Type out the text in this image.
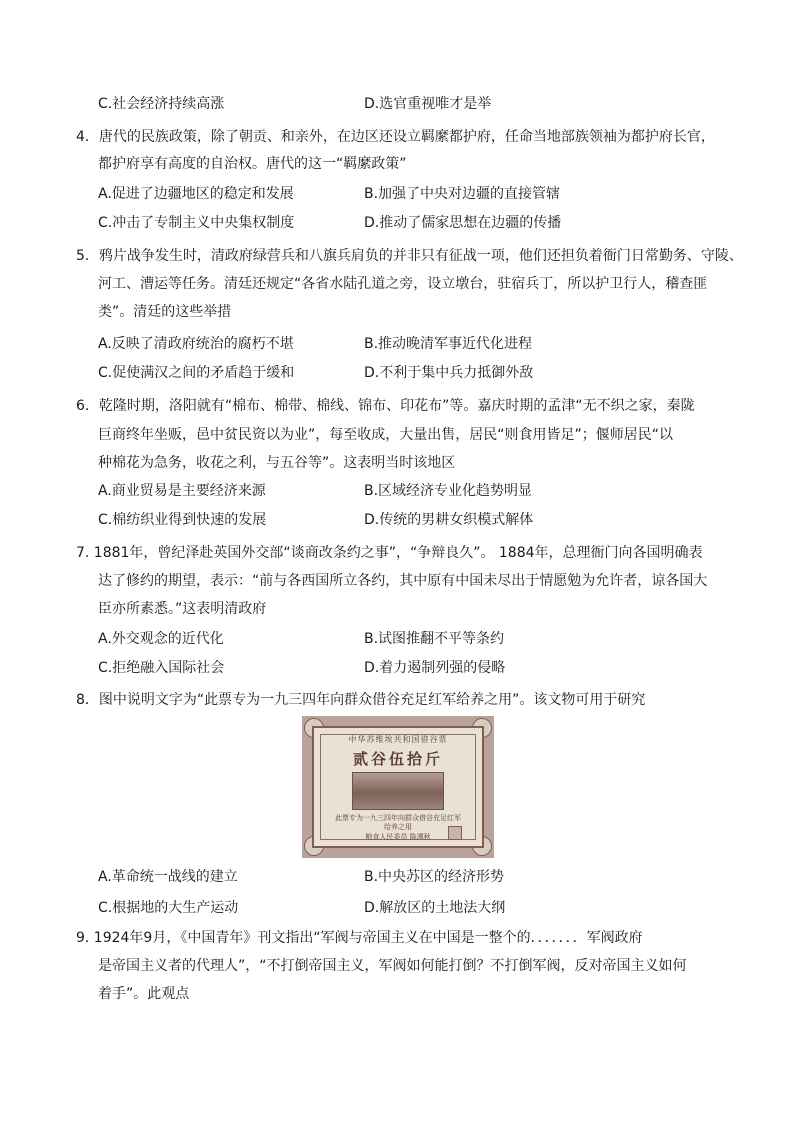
C.社会经济持续高涨	D.选官重视唯才是举
4．唐代的民族政策，除了朝贡、和亲外，在边区还设立羁縻都护府，任命当地部族领袖为都护府长官，
都护府享有高度的自治权。唐代的这一“羁縻政策”
A.促进了边疆地区的稳定和发展	B.加强了中央对边疆的直接管辖
C.冲击了专制主义中央集权制度	D.推动了儒家思想在边疆的传播
5．鸦片战争发生时，清政府绿营兵和八旗兵肩负的并非只有征战一项，他们还担负着衙门日常勤务、守陵、
河工、漕运等任务。清廷还规定“各省水陆孔道之旁，设立墩台，驻宿兵丁，所以护卫行人，稽查匪
类”。清廷的这些举措
A.反映了清政府统治的腐朽不堪	B.推动晚清军事近代化进程
C.促使满汉之间的矛盾趋于缓和	D.不利于集中兵力抵御外敌
6．乾隆时期，洛阳就有“棉布、棉带、棉线、锦布、印花布”等。嘉庆时期的孟津“无不织之家，秦陇
巨商终年坐贩，邑中贫民资以为业”，每至收成，大量出售，居民“则食用皆足”；偃师居民“以
种棉花为急务，收花之利，与五谷等”。这表明当时该地区
A.商业贸易是主要经济来源	B.区域经济专业化趋势明显
C.棉纺织业得到快速的发展	D.传统的男耕女织模式解体
7. 1881年，曾纪泽赴英国外交部“谈商改条约之事”，“争辩良久”。 1884年，总理衙门向各国明确表
达了修约的期望，表示：“前与各西国所立各约，其中原有中国未尽出于情愿勉为允许者，谅各国大
臣亦所素悉。”这表明清政府
A.外交观念的近代化	B.试图推翻不平等条约
C.拒绝融入国际社会	D.着力遏制列强的侵略
8．图中说明文字为“此票专为一九三四年向群众借谷充足红军给养之用”。该文物可用于研究
中华苏维埃共和国借谷票
贰谷伍拾斤
此票专为一九三四年向群众借谷充足红军给养之用
粮食人民委员 陈潭秋
A.革命统一战线的建立	B.中央苏区的经济形势
C.根据地的大生产运动	D.解放区的土地法大纲
9. 1924年9月，《中国青年》刊文指出“军阀与帝国主义在中国是一整个的．．．．．．．军阀政府
是帝国主义者的代理人”，“不打倒帝国主义，军阀如何能打倒？不打倒军阀，反对帝国主义如何
着手”。此观点
